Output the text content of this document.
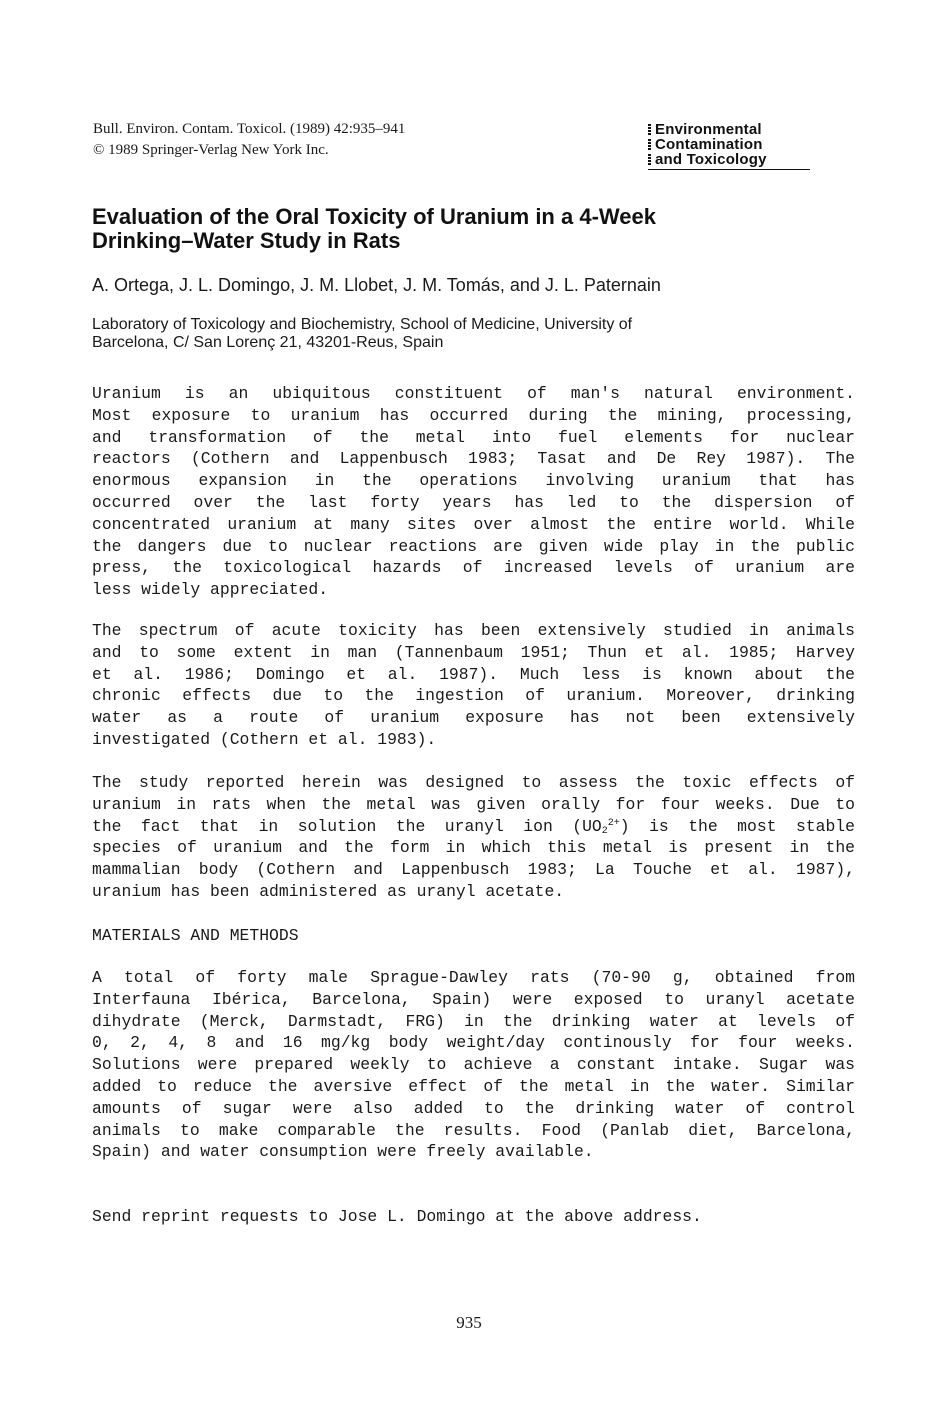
Bull. Environ. Contam. Toxicol. (1989) 42:935–941
© 1989 Springer-Verlag New York Inc.
Environmental
Contamination
and Toxicology
Evaluation of the Oral Toxicity of Uranium in a 4-Week
Drinking–Water Study in Rats
A. Ortega, J. L. Domingo, J. M. Llobet, J. M. Tomás, and J. L. Paternain
Laboratory of Toxicology and Biochemistry, School of Medicine, University of
Barcelona, C/ San Lorenç 21, 43201-Reus, Spain
Uranium is an ubiquitous constituent of man's natural environment.
Most exposure to uranium has occurred during the mining, processing,
and transformation of the metal into fuel elements for nuclear
reactors (Cothern and Lappenbusch 1983; Tasat and De Rey 1987). The
enormous expansion in the operations involving uranium that has
occurred over the last forty years has led to the dispersion of
concentrated uranium at many sites over almost the entire world. While
the dangers due to nuclear reactions are given wide play in the public
press, the toxicological hazards of increased levels of uranium are
less widely appreciated.
The spectrum of acute toxicity has been extensively studied in animals
and to some extent in man (Tannenbaum 1951; Thun et al. 1985; Harvey
et al. 1986; Domingo et al. 1987). Much less is known about the
chronic effects due to the ingestion of uranium. Moreover, drinking
water as a route of uranium exposure has not been extensively
investigated (Cothern et al. 1983).
The study reported herein was designed to assess the toxic effects of
uranium in rats when the metal was given orally for four weeks. Due to
the fact that in solution the uranyl ion $(UO_2^{2+})$ is the most stable
species of uranium and the form in which this metal is present in the
mammalian body (Cothern and Lappenbusch 1983; La Touche et al. 1987),
uranium has been administered as uranyl acetate.
MATERIALS AND METHODS
A total of forty male Sprague-Dawley rats (70-90 g, obtained from
Interfauna Ibérica, Barcelona, Spain) were exposed to uranyl acetate
dihydrate (Merck, Darmstadt, FRG) in the drinking water at levels of
0, 2, 4, 8 and 16 mg/kg body weight/day continously for four weeks.
Solutions were prepared weekly to achieve a constant intake. Sugar was
added to reduce the aversive effect of the metal in the water. Similar
amounts of sugar were also added to the drinking water of control
animals to make comparable the results. Food (Panlab diet, Barcelona,
Spain) and water consumption were freely available.
Send reprint requests to Jose L. Domingo at the above address.
935
